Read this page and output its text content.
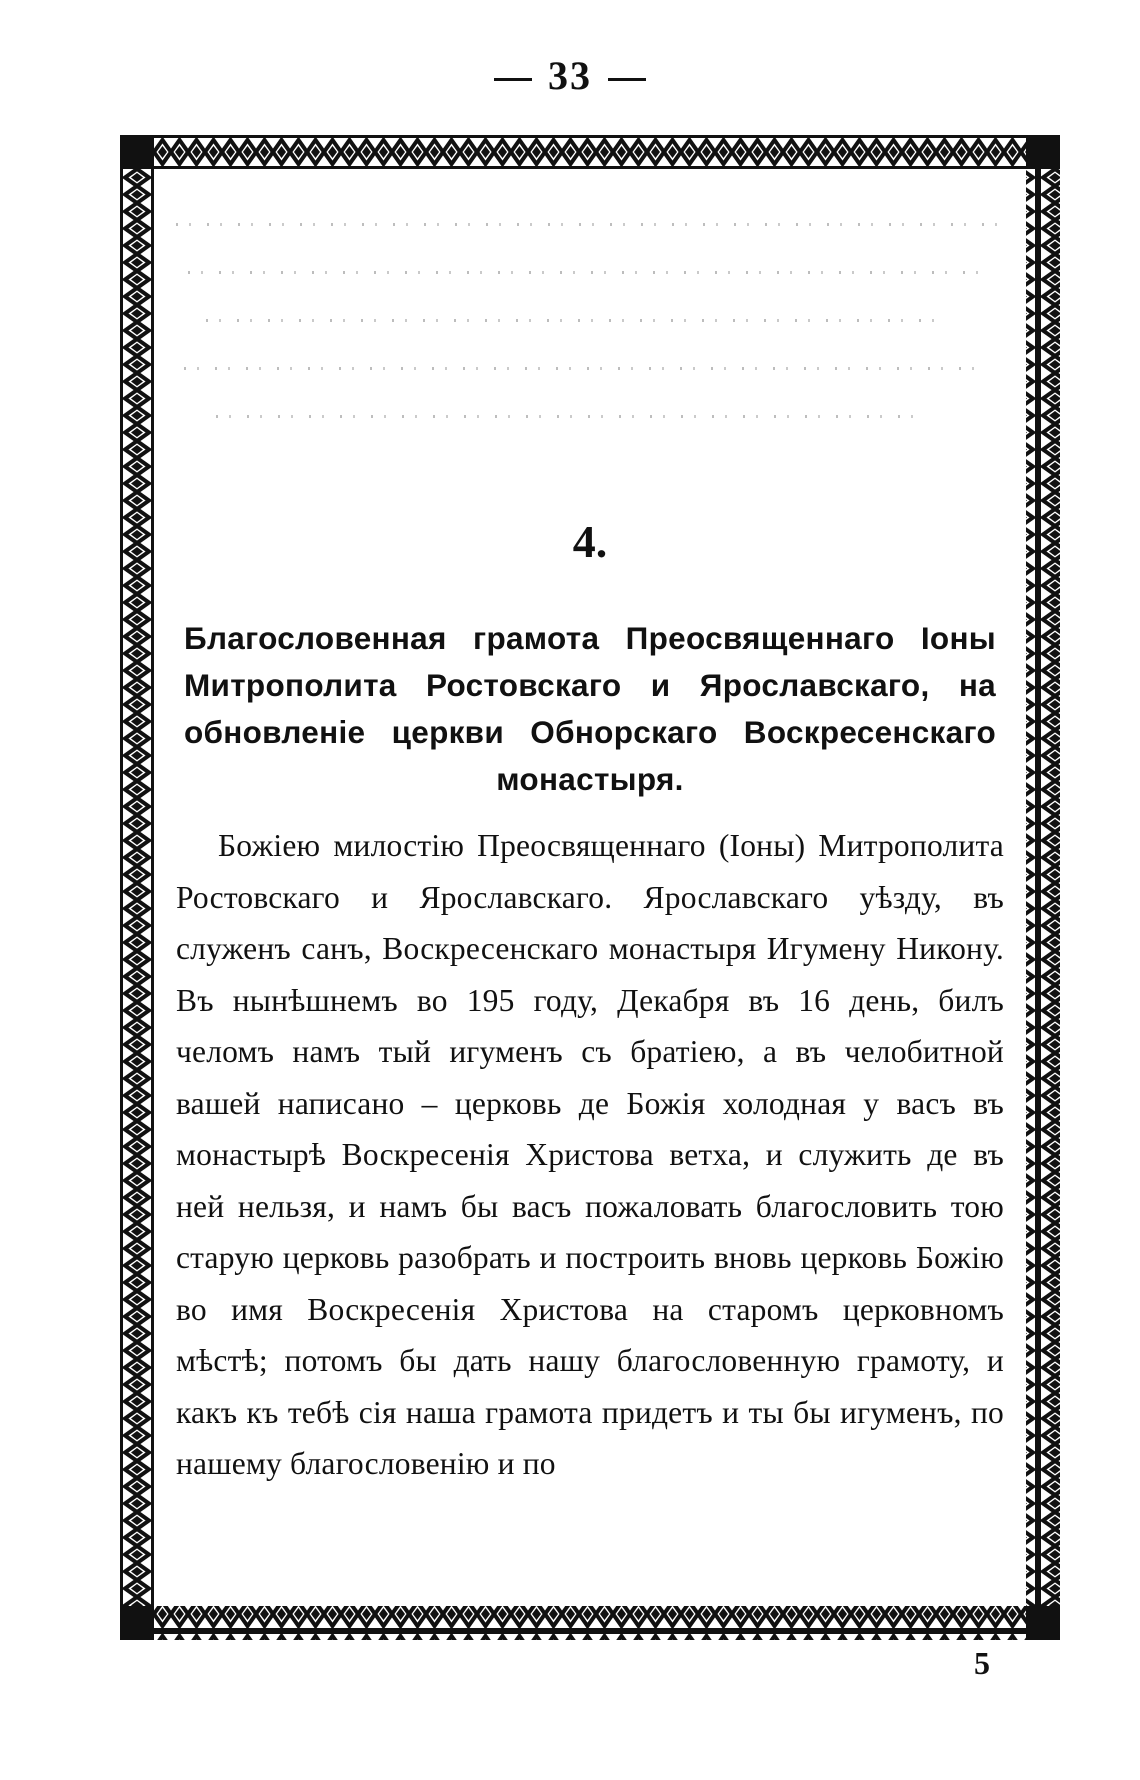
33
4.
Благословенная грамота Преосвященнаго Іоны Митрополита Ростовскаго и Ярославскаго, на обновленіе церкви Обнорскаго Воскресенскаго монастыря.
Божіею милостію Преосвященнаго (Іоны) Митрополита Ростовскаго и Ярославскаго. Ярославскаго уѣзду, въ служенъ санъ, Воскресенскаго монастыря Игумену Никону. Въ нынѣшнемъ во 195 году, Декабря въ 16 день, билъ челомъ намъ тый игуменъ съ братіею, а въ челобитной вашей написано – церковь де Божія холодная у васъ въ монастырѣ Воскресенія Христова ветха, и служить де въ ней нельзя, и намъ бы васъ пожаловать благословить тою старую церковь разобрать и построить вновь церковь Божію во имя Воскресенія Христова на старомъ церковномъ мѣстѣ; потомъ бы дать нашу благословенную грамоту, и какъ къ тебѣ сія наша грамота придетъ и ты бы игуменъ, по нашему благословенію и по
5
